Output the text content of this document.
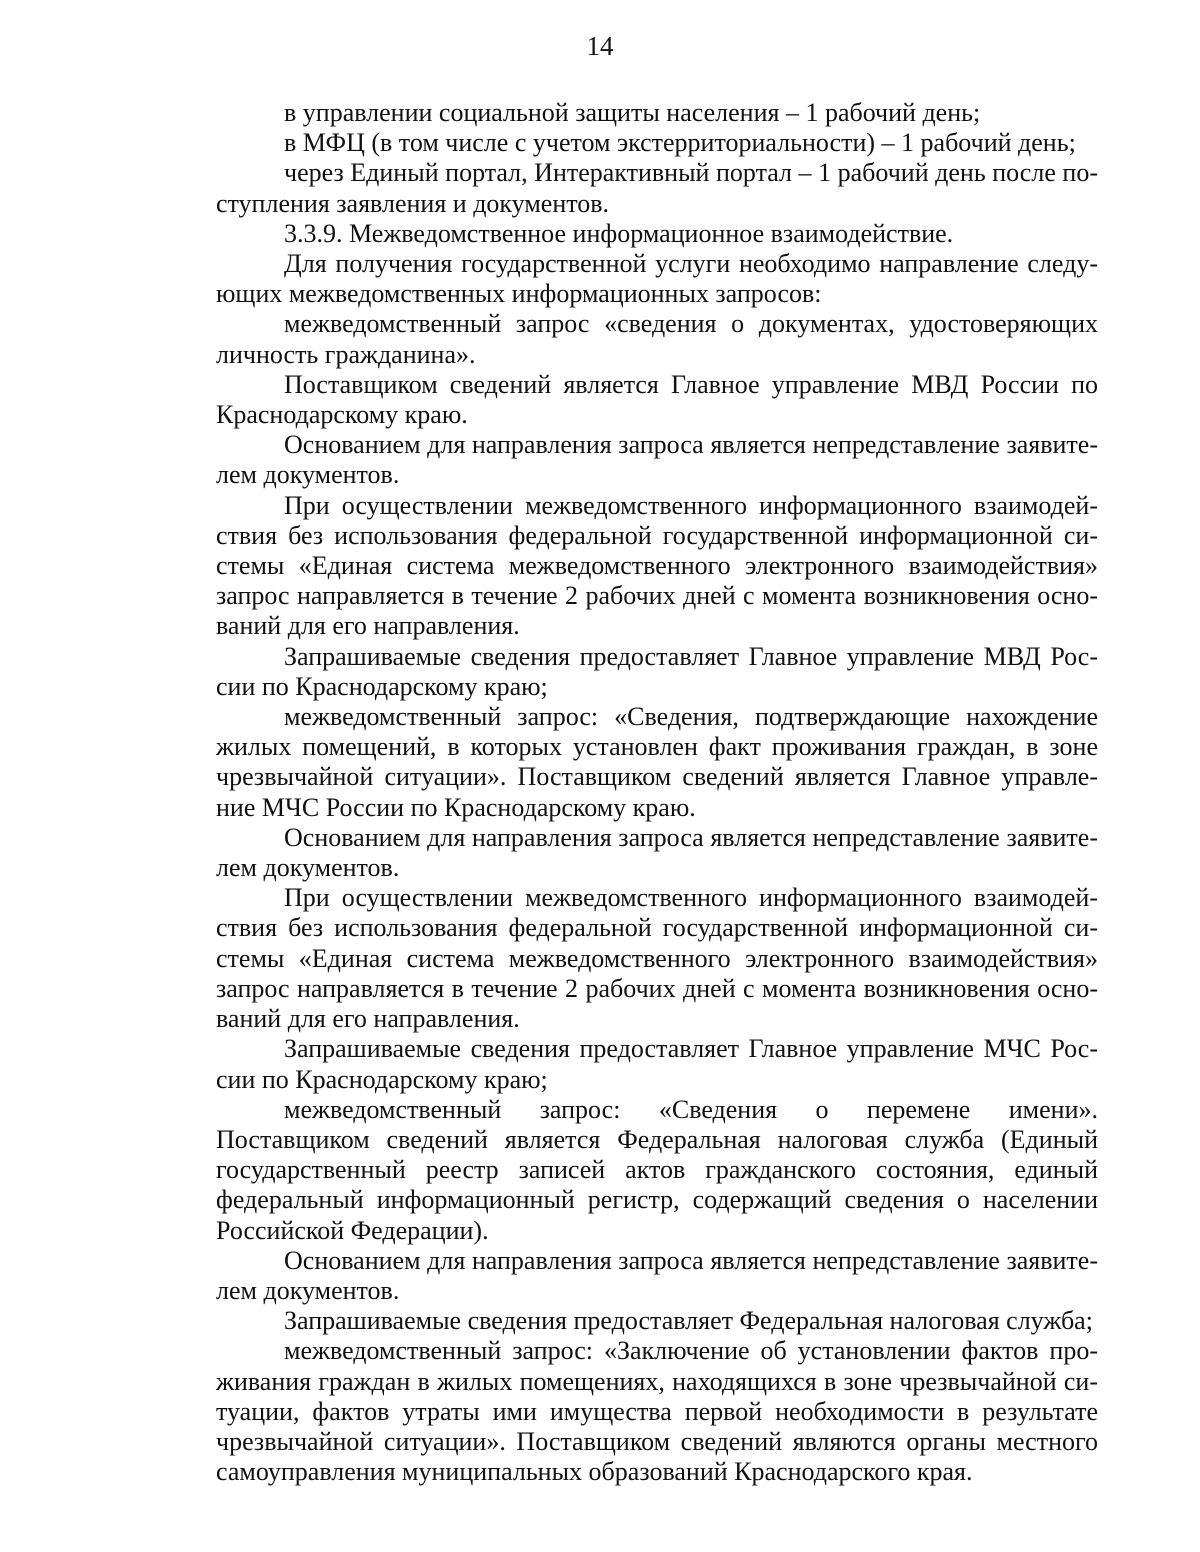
14

в управлении социальной защиты населения – 1 рабочий день;

в МФЦ (в том числе с учетом экстерриториальности) – 1 рабочий день;

через Единый портал, Интерактивный портал – 1 рабочий день после поступления заявления и документов.

3.3.9. Межведомственное информационное взаимодействие.

Для получения государственной услуги необходимо направление следующих межведомственных информационных запросов:

межведомственный запрос «сведения о документах, удостоверяющих личность гражданина».

Поставщиком сведений является Главное управление МВД России по Краснодарскому краю.

Основанием для направления запроса является непредставление заявителем документов.

При осуществлении межведомственного информационного взаимодействия без использования федеральной государственной информационной системы «Единая система межведомственного электронного взаимодействия» запрос направляется в течение 2 рабочих дней с момента возникновения оснований для его направления.

Запрашиваемые сведения предоставляет Главное управление МВД России по Краснодарскому краю;

межведомственный запрос: «Сведения, подтверждающие нахождение жилых помещений, в которых установлен факт проживания граждан, в зоне чрезвычайной ситуации». Поставщиком сведений является Главное управление МЧС России по Краснодарскому краю.

Основанием для направления запроса является непредставление заявителем документов.

При осуществлении межведомственного информационного взаимодействия без использования федеральной государственной информационной системы «Единая система межведомственного электронного взаимодействия» запрос направляется в течение 2 рабочих дней с момента возникновения оснований для его направления.

Запрашиваемые сведения предоставляет Главное управление МЧС России по Краснодарскому краю;

межведомственный запрос: «Сведения о перемене имени». Поставщиком сведений является Федеральная налоговая служба (Единый государственный реестр записей актов гражданского состояния, единый федеральный информационный регистр, содержащий сведения о населении Российской Федерации).

Основанием для направления запроса является непредставление заявителем документов.

Запрашиваемые сведения предоставляет Федеральная налоговая служба;

межведомственный запрос: «Заключение об установлении фактов проживания граждан в жилых помещениях, находящихся в зоне чрезвычайной ситуации, фактов утраты ими имущества первой необходимости в результате чрезвычайной ситуации». Поставщиком сведений являются органы местного самоуправления муниципальных образований Краснодарского края.
